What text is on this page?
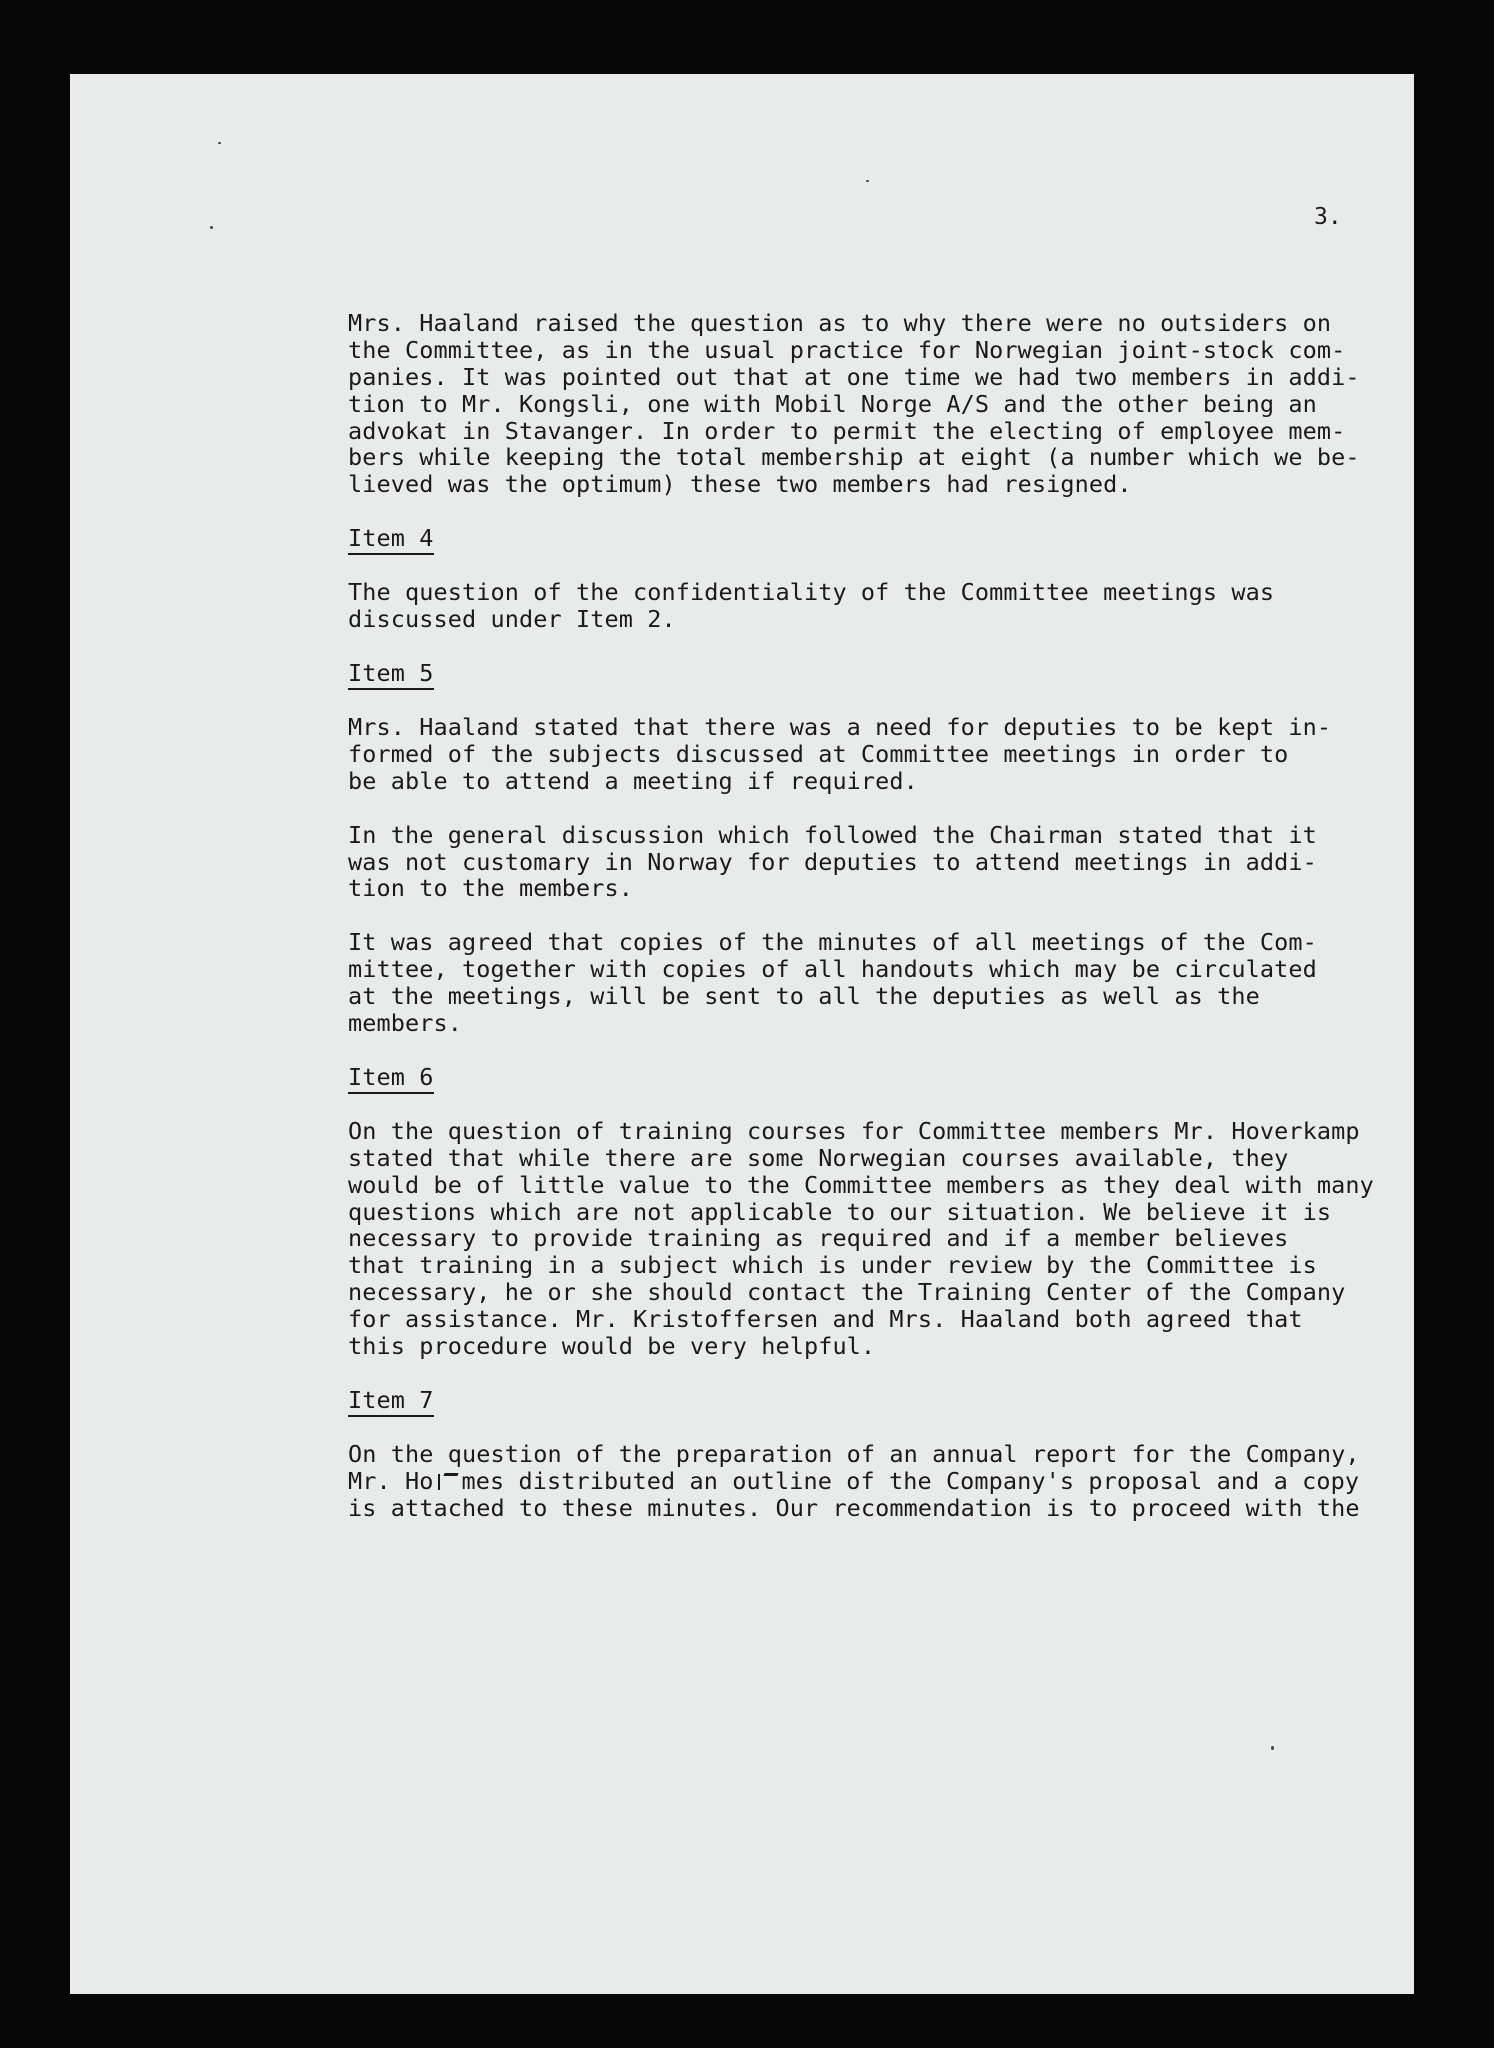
3.
Mrs. Haaland raised the question as to why there were no outsiders on
the Committee, as in the usual practice for Norwegian joint-stock com-
panies. It was pointed out that at one time we had two members in addi-
tion to Mr. Kongsli, one with Mobil Norge A/S and the other being an
advokat in Stavanger. In order to permit the electing of employee mem-
bers while keeping the total membership at eight (a number which we be-
lieved was the optimum) these two members had resigned.
Item 4
The question of the confidentiality of the Committee meetings was
discussed under Item 2.
Item 5
Mrs. Haaland stated that there was a need for deputies to be kept in-
formed of the subjects discussed at Committee meetings in order to
be able to attend a meeting if required.
In the general discussion which followed the Chairman stated that it
was not customary in Norway for deputies to attend meetings in addi-
tion to the members.
It was agreed that copies of the minutes of all meetings of the Com-
mittee, together with copies of all handouts which may be circulated
at the meetings, will be sent to all the deputies as well as the
members.
Item 6
On the question of training courses for Committee members Mr. Hoverkamp
stated that while there are some Norwegian courses available, they
would be of little value to the Committee members as they deal with many
questions which are not applicable to our situation. We believe it is
necessary to provide training as required and if a member believes
that training in a subject which is under review by the Committee is
necessary, he or she should contact the Training Center of the Company
for assistance. Mr. Kristoffersen and Mrs. Haaland both agreed that
this procedure would be very helpful.
Item 7
On the question of the preparation of an annual report for the Company,
Mr. Ho mes distributed an outline of the Company's proposal and a copy
is attached to these minutes. Our recommendation is to proceed with the
